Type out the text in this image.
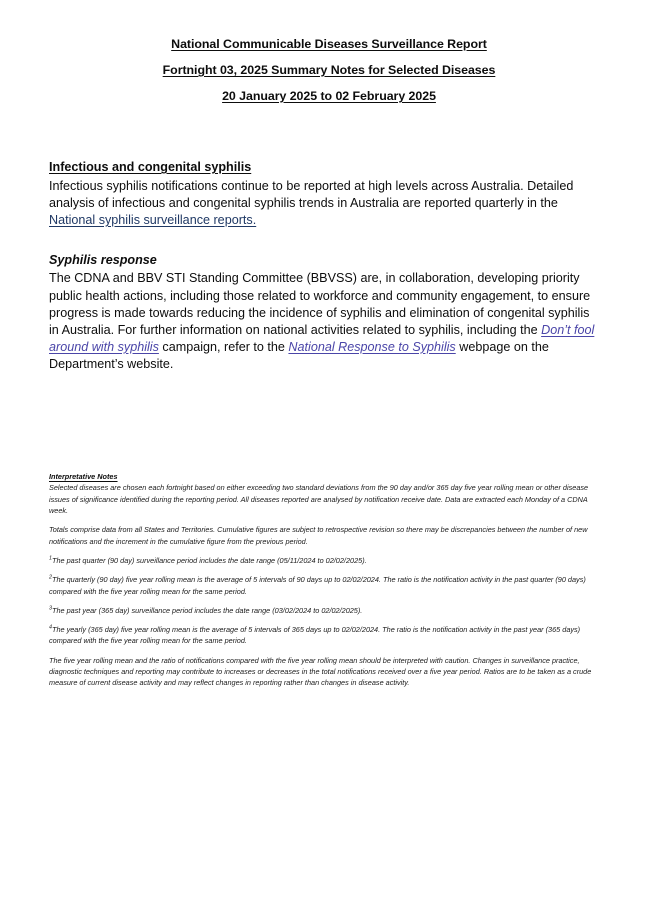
National Communicable Diseases Surveillance Report
Fortnight 03, 2025 Summary Notes for Selected Diseases
20 January 2025 to 02 February 2025
Infectious and congenital syphilis

Infectious syphilis notifications continue to be reported at high levels across Australia. Detailed analysis of infectious and congenital syphilis trends in Australia are reported quarterly in the National syphilis surveillance reports.

Syphilis response

The CDNA and BBV STI Standing Committee (BBVSS) are, in collaboration, developing priority public health actions, including those related to workforce and community engagement, to ensure progress is made towards reducing the incidence of syphilis and elimination of congenital syphilis in Australia. For further information on national activities related to syphilis, including the Don’t fool around with syphilis campaign, refer to the National Response to Syphilis webpage on the Department’s website.

Interpretative Notes

Selected diseases are chosen each fortnight based on either exceeding two standard deviations from the 90 day and/or 365 day five year rolling mean or other disease issues of significance identified during the reporting period. All diseases reported are analysed by notification receive date. Data are extracted each Monday of a CDNA week.

Totals comprise data from all States and Territories. Cumulative figures are subject to retrospective revision so there may be discrepancies between the number of new notifications and the increment in the cumulative figure from the previous period.

$^1$The past quarter (90 day) surveillance period includes the date range (05/11/2024 to 02/02/2025).

$^2$The quarterly (90 day) five year rolling mean is the average of 5 intervals of 90 days up to 02/02/2024. The ratio is the notification activity in the past quarter (90 days) compared with the five year rolling mean for the same period.

$^3$The past year (365 day) surveillance period includes the date range (03/02/2024 to 02/02/2025).

$^4$The yearly (365 day) five year rolling mean is the average of 5 intervals of 365 days up to 02/02/2024. The ratio is the notification activity in the past year (365 days) compared with the five year rolling mean for the same period.

The five year rolling mean and the ratio of notifications compared with the five year rolling mean should be interpreted with caution. Changes in surveillance practice, diagnostic techniques and reporting may contribute to increases or decreases in the total notifications received over a five year period. Ratios are to be taken as a crude measure of current disease activity and may reflect changes in reporting rather than changes in disease activity.
